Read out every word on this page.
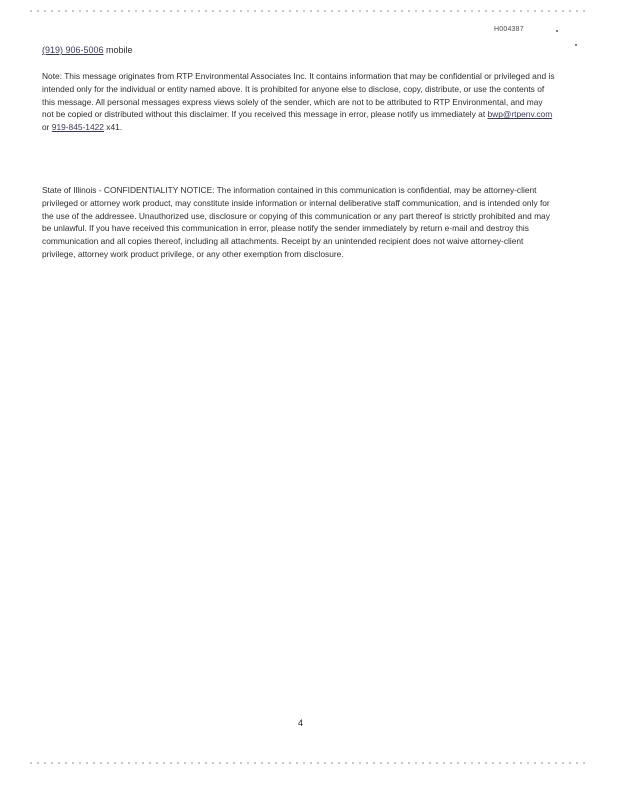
H004387
(919) 906-5006 mobile

Note: This message originates from RTP Environmental Associates Inc. It contains information that may be confidential or privileged and is intended only for the individual or entity named above. It is prohibited for anyone else to disclose, copy, distribute, or use the contents of this message. All personal messages express views solely of the sender, which are not to be attributed to RTP Environmental, and may not be copied or distributed without this disclaimer. If you received this message in error, please notify us immediately at bwp@rtpenv.com or 919-845-1422 x41.

State of Illinois - CONFIDENTIALITY NOTICE: The information contained in this communication is confidential, may be attorney-client privileged or attorney work product, may constitute inside information or internal deliberative staff communication, and is intended only for the use of the addressee. Unauthorized use, disclosure or copying of this communication or any part thereof is strictly prohibited and may be unlawful. If you have received this communication in error, please notify the sender immediately by return e-mail and destroy this communication and all copies thereof, including all attachments. Receipt by an unintended recipient does not waive attorney-client privilege, attorney work product privilege, or any other exemption from disclosure.

4
